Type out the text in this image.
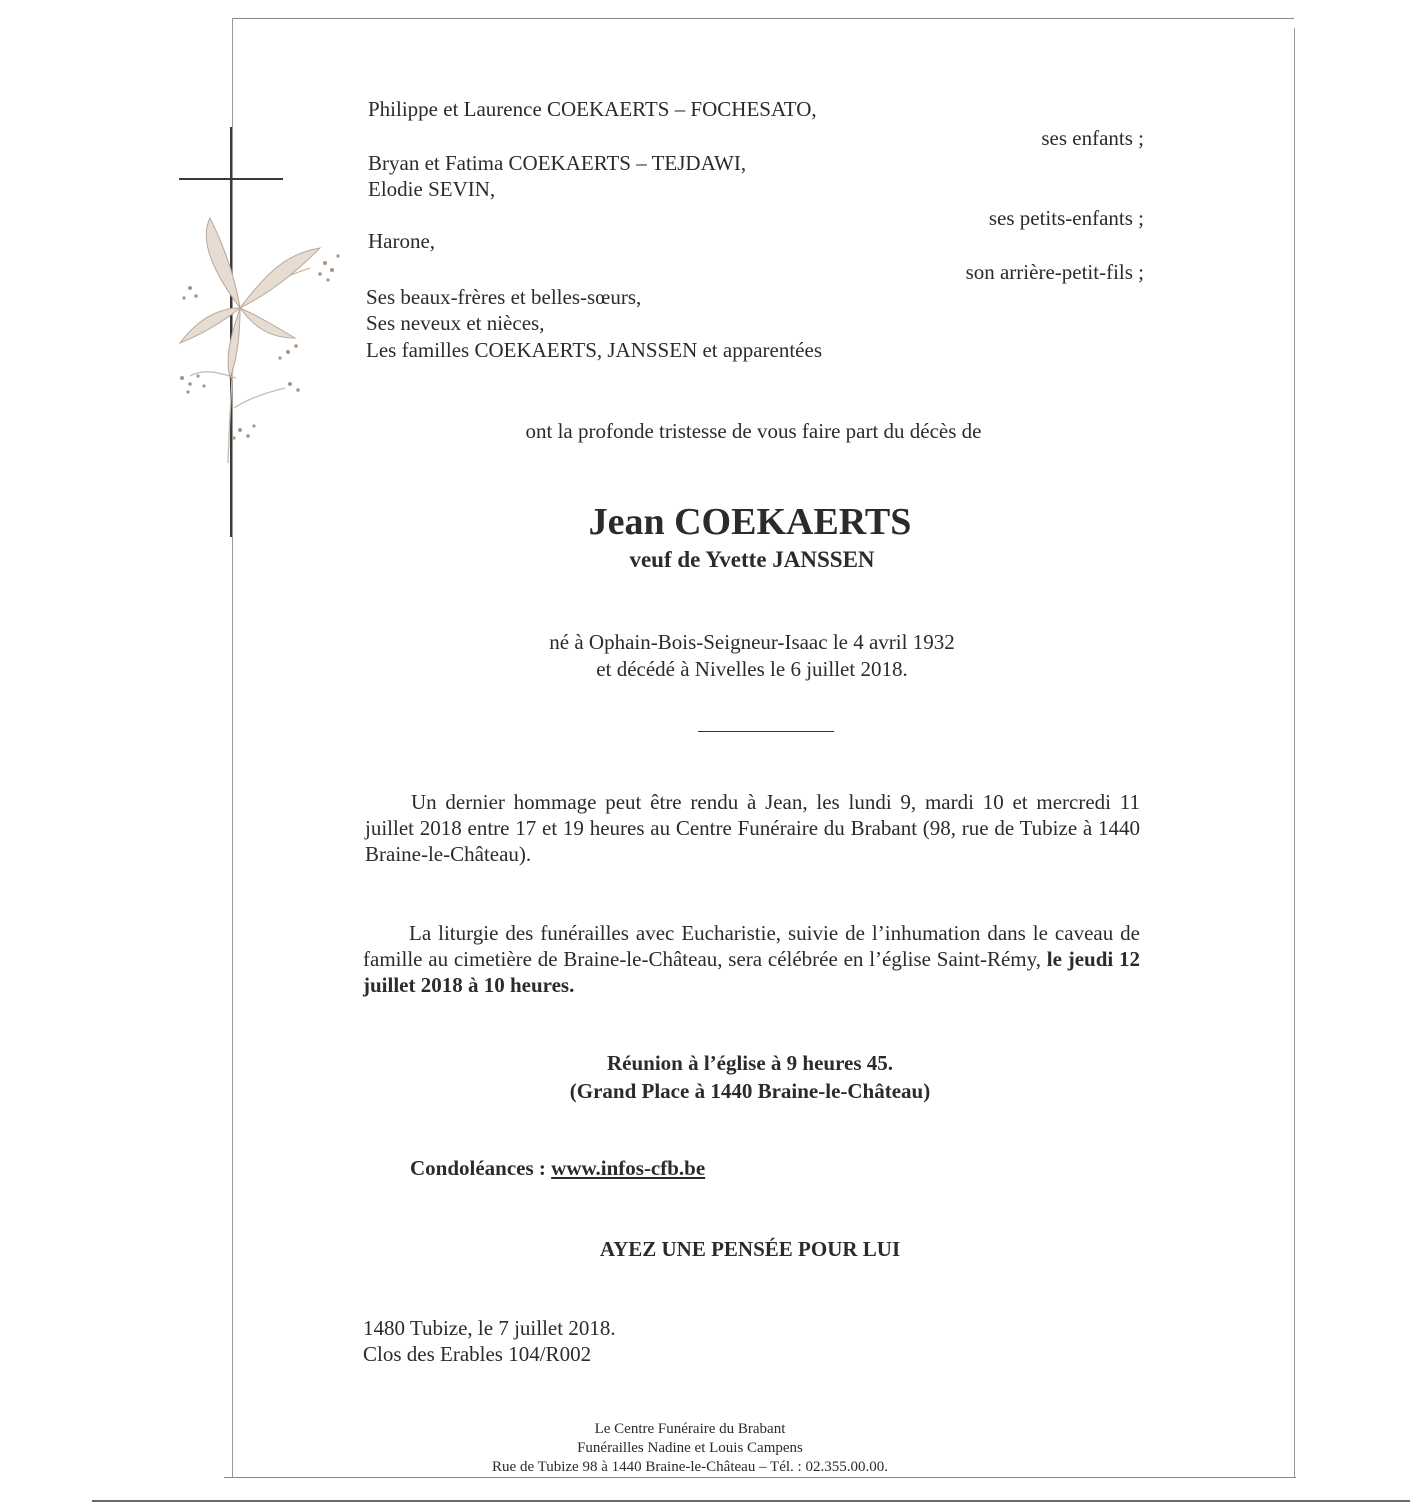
Philippe et Laurence COEKAERTS – FOCHESATO,

ses enfants ;

Bryan et Fatima COEKAERTS – TEJDAWI,

Elodie SEVIN,

ses petits-enfants ;

Harone,

son arrière-petit-fils ;

Ses beaux-frères et belles-sœurs,

Ses neveux et nièces,

Les familles COEKAERTS, JANSSEN et apparentées

ont la profonde tristesse de vous faire part du décès de

Jean COEKAERTS

veuf de Yvette JANSSEN

né à Ophain-Bois-Seigneur-Isaac le 4 avril 1932

et décédé à Nivelles le 6 juillet 2018.

Un dernier hommage peut être rendu à Jean, les lundi 9, mardi 10 et mercredi 11 juillet 2018 entre 17 et 19 heures au Centre Funéraire du Brabant (98, rue de Tubize à 1440 Braine-le-Château).

La liturgie des funérailles avec Eucharistie, suivie de l’inhumation dans le caveau de famille au cimetière de Braine-le-Château, sera célébrée en l’église Saint-Rémy, le jeudi 12 juillet 2018 à 10 heures.

Réunion à l’église à 9 heures 45.

(Grand Place à 1440 Braine-le-Château)

Condoléances : www.infos-cfb.be

AYEZ UNE PENSÉE POUR LUI

1480 Tubize, le 7 juillet 2018.

Clos des Erables 104/R002

Le Centre Funéraire du Brabant

Funérailles Nadine et Louis Campens

Rue de Tubize 98 à 1440 Braine-le-Château – Tél. : 02.355.00.00.
